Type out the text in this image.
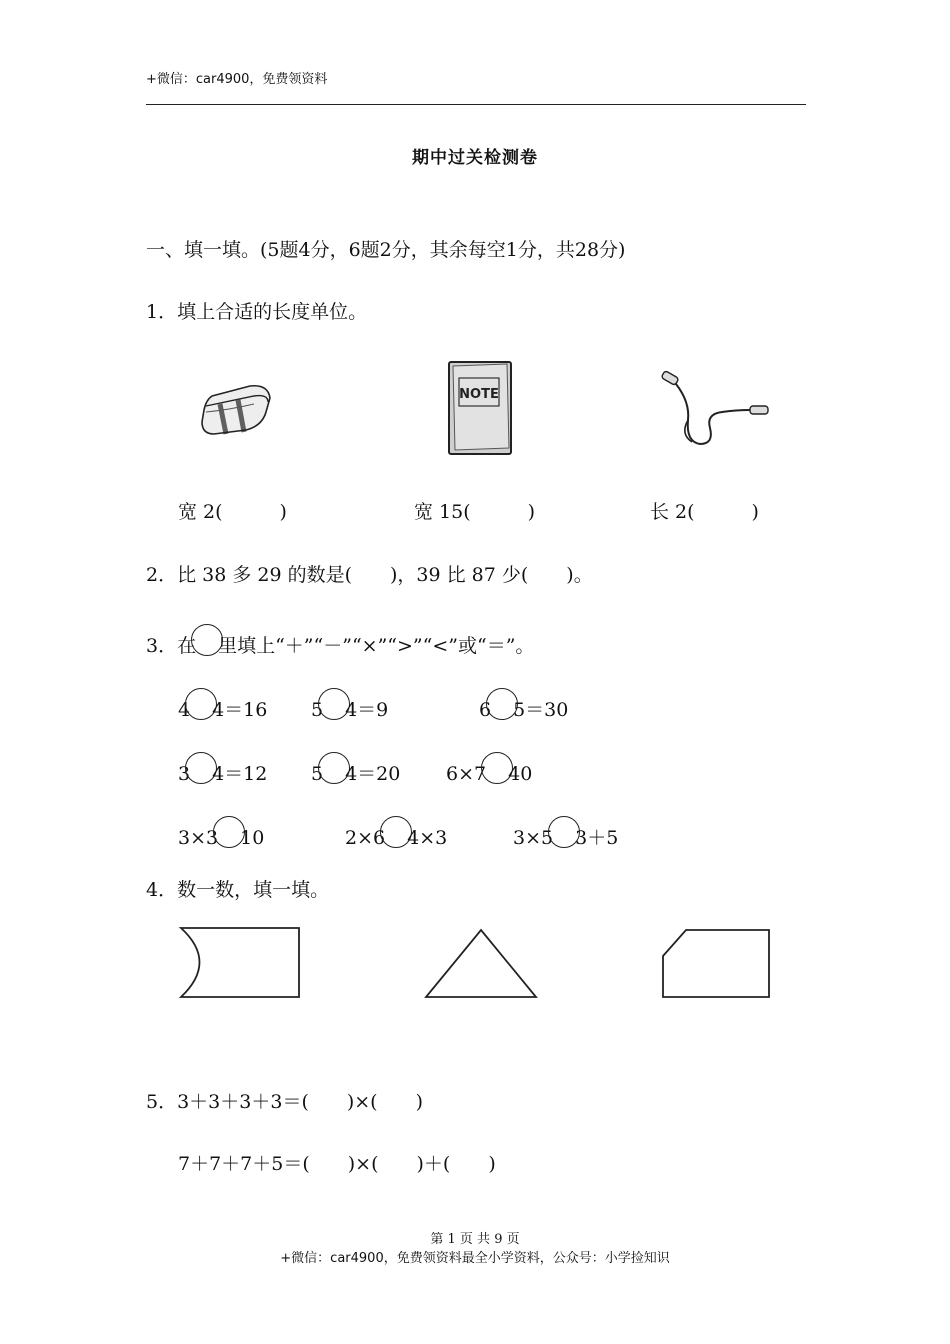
+微信：car4900，免费领资料
期中过关检测卷
一、填一填。(5题4分，6题2分，其余每空1分，共28分)
1．填上合适的长度单位。
NOTE
宽 2(　　　)	宽 15(　　　)	长 2(　　　)
2．比 38 多 29 的数是(　　)，39 比 87 少(　　)。
3．在 里填上“＋”“－”“×”“>”“<”或“＝”。
4 4＝16 5 4＝9	6 5＝30
3 4＝12 5 4＝20 6×7 40
3×3 10	2×6 4×3	3×5 3＋5
4．数一数，填一填。
5．3＋3＋3＋3＝(　　)×(　　)
7＋7＋7＋5＝(　　)×(　　)＋(　　)
第 1 页 共 9 页
+微信：car4900，免费领资料最全小学资料，公众号：小学捡知识
